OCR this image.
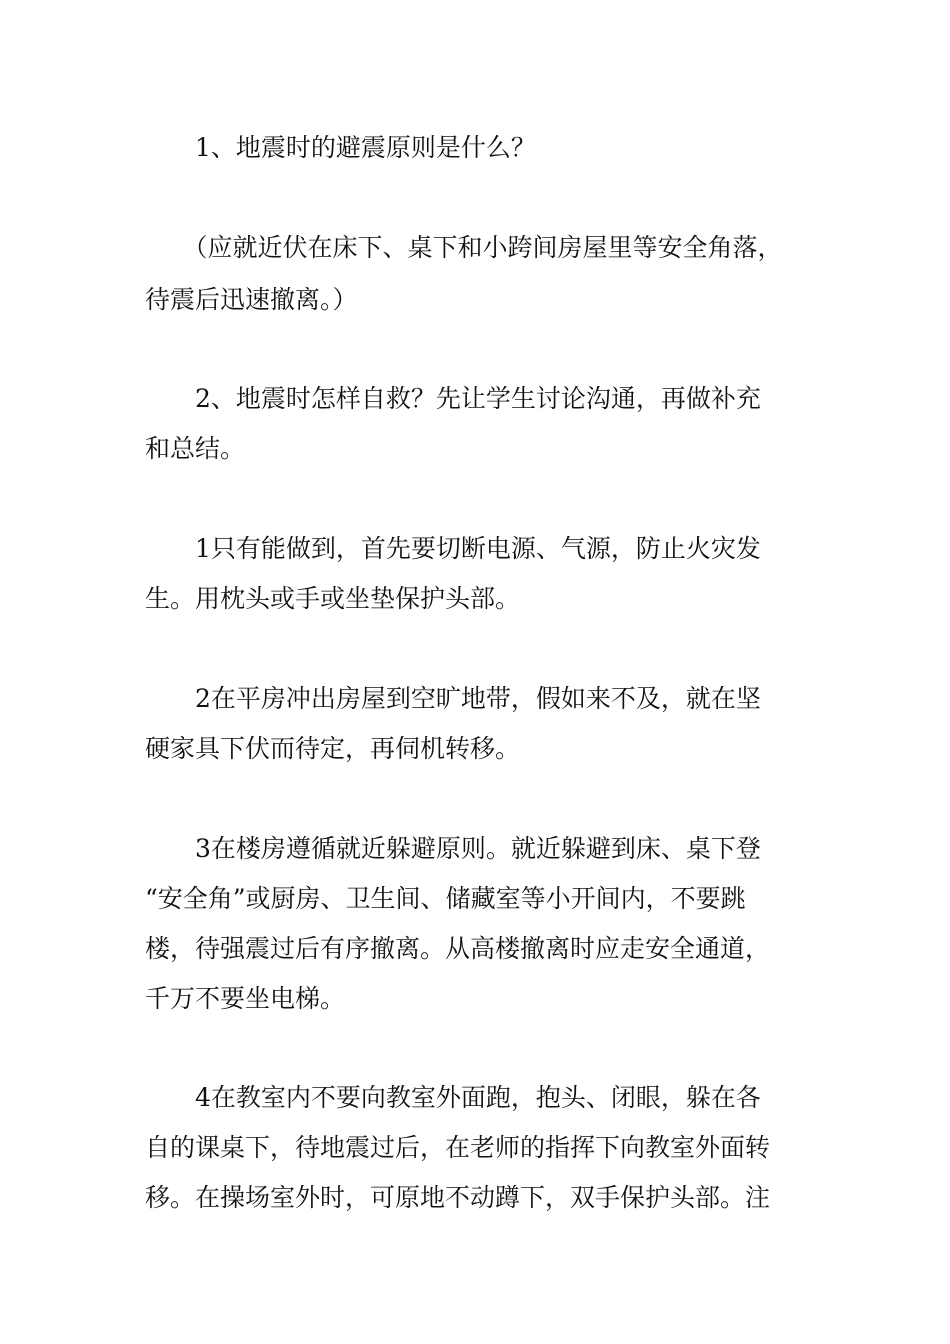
　　1、地震时的避震原则是什么？
　　（应就近伏在床下、桌下和小跨间房屋里等安全角落，
待震后迅速撤离。）
　　2、地震时怎样自救？先让学生讨论沟通，再做补充
和总结。
　　1只有能做到，首先要切断电源、气源，防止火灾发
生。用枕头或手或坐垫保护头部。
　　2在平房冲出房屋到空旷地带，假如来不及，就在坚
硬家具下伏而待定，再伺机转移。
　　3在楼房遵循就近躲避原则。就近躲避到床、桌下登
“安全角”或厨房、卫生间、储藏室等小开间内，不要跳
楼，待强震过后有序撤离。从高楼撤离时应走安全通道，
千万不要坐电梯。
　　4在教室内不要向教室外面跑，抱头、闭眼，躲在各
自的课桌下，待地震过后，在老师的指挥下向教室外面转
移。在操场室外时，可原地不动蹲下，双手保护头部。注
